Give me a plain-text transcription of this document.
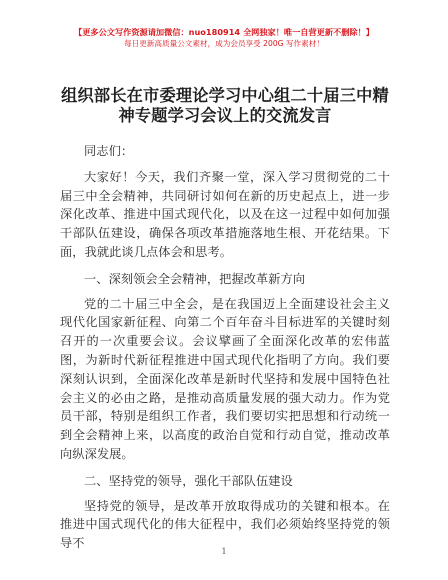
【更多公文写作资源请加微信：nuo180914 全网独家！唯一自营更新不删除！】
每日更新高质量公文素材，成为会员享受 200G 写作素材！
组织部长在市委理论学习中心组二十届三中精
神专题学习会议上的交流发言

同志们：

大家好！今天，我们齐聚一堂，深入学习贯彻党的二十届三中全会精神，共同研讨如何在新的历史起点上，进一步深化改革、推进中国式现代化，以及在这一过程中如何加强干部队伍建设，确保各项改革措施落地生根、开花结果。下面，我就此谈几点体会和思考。

一、深刻领会全会精神，把握改革新方向

党的二十届三中全会，是在我国迈上全面建设社会主义现代化国家新征程、向第二个百年奋斗目标进军的关键时刻召开的一次重要会议。会议擘画了全面深化改革的宏伟蓝图，为新时代新征程推进中国式现代化指明了方向。我们要深刻认识到，全面深化改革是新时代坚持和发展中国特色社会主义的必由之路，是推动高质量发展的强大动力。作为党员干部，特别是组织工作者，我们要切实把思想和行动统一到全会精神上来，以高度的政治自觉和行动自觉，推动改革向纵深发展。

二、坚持党的领导，强化干部队伍建设

坚持党的领导，是改革开放取得成功的关键和根本。在推进中国式现代化的伟大征程中，我们必须始终坚持党的领导不

1
